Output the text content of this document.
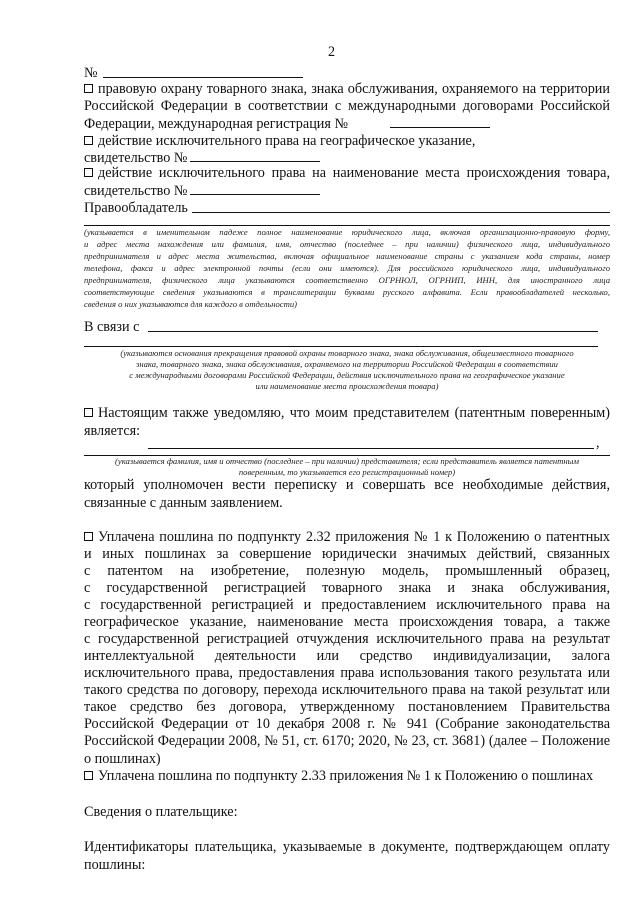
2
№
правовую охрану товарного знака, знака обслуживания, охраняемого на территории
Российской Федерации в соответствии с международными договорами Российской
Федерации, международная регистрация №
действие исключительного права на географическое указание,
свидетельство №
действие исключительного права на наименование места происхождения товара,
свидетельство №
Правообладатель
(указывается в именительном падеже полное наименование юридического лица, включая организационно-правовую форму,
и адрес места нахождения или фамилия, имя, отчество (последнее – при наличии) физического лица, индивидуального
предпринимателя и адрес места жительства, включая официальное наименование страны с указанием кода страны, номер
телефона, факса и адрес электронной почты (если они имеются). Для российского юридического лица, индивидуального
предпринимателя, физического лица указываются соответственно ОГРНЮЛ, ОГРНИП, ИНН, для иностранного лица
соответствующие сведения указываются в транслитерации буквами русского алфавита. Если правообладателей несколько,
сведения о них указываются для каждого в отдельности)
В связи с
(указываются основания прекращения правовой охраны товарного знака, знака обслуживания, общеизвестного товарного
знака, товарного знака, знака обслуживания, охраняемого на территории Российской Федерации в соответствии
с международными договорами Российской Федерации, действия исключительного права на географическое указание
или наименование места происхождения товара)
Настоящим также уведомляю, что моим представителем (патентным поверенным)
является:
,
(указывается фамилия, имя и отчество (последнее – при наличии) представителя; если представитель является патентным
поверенным, то указывается его регистрационный номер)
который уполномочен вести переписку и совершать все необходимые действия,
связанные с данным заявлением.
Уплачена пошлина по подпункту 2.32 приложения № 1 к Положению о патентных
и иных пошлинах за совершение юридически значимых действий, связанных
с патентом на изобретение, полезную модель, промышленный образец,
с государственной регистрацией товарного знака и знака обслуживания,
с государственной регистрацией и предоставлением исключительного права на
географическое указание, наименование места происхождения товара, а также
с государственной регистрацией отчуждения исключительного права на результат
интеллектуальной деятельности или средство индивидуализации, залога
исключительного права, предоставления права использования такого результата или
такого средства по договору, перехода исключительного права на такой результат или
такое средство без договора, утвержденному постановлением Правительства
Российской Федерации от 10 декабря 2008 г. № 941 (Собрание законодательства
Российской Федерации 2008, № 51, ст. 6170; 2020, № 23, ст. 3681) (далее – Положение
о пошлинах)
Уплачена пошлина по подпункту 2.33 приложения № 1 к Положению о пошлинах
Сведения о плательщике:
Идентификаторы плательщика, указываемые в документе, подтверждающем оплату
пошлины:
